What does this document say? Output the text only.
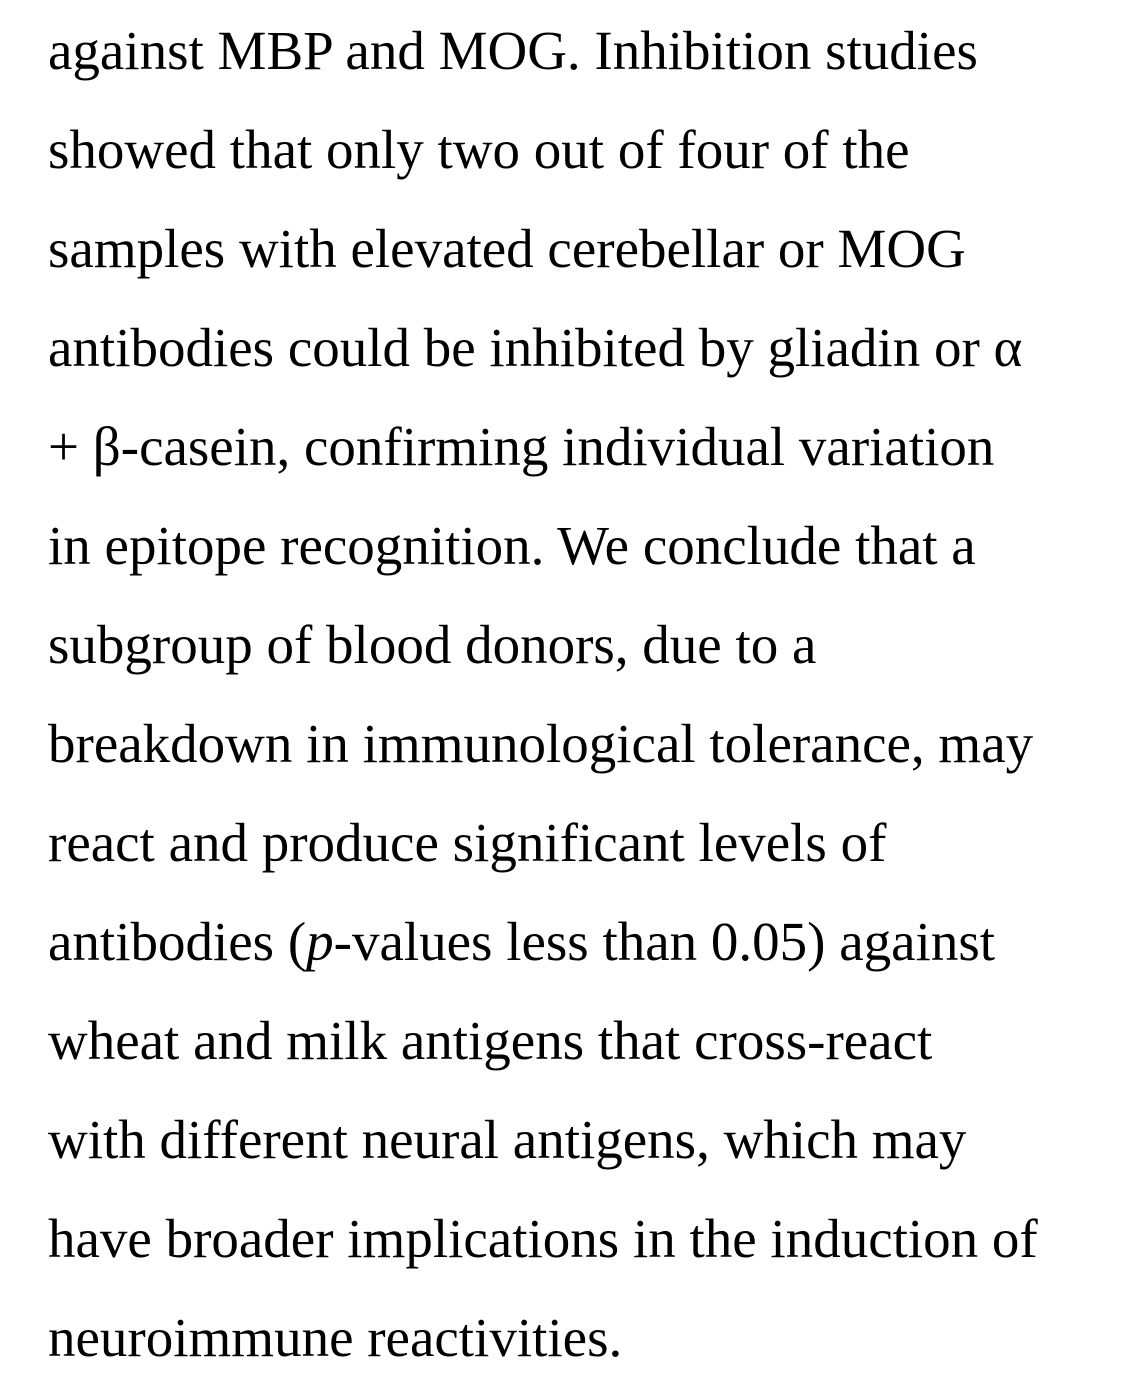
against MBP and MOG. Inhibition studies

showed that only two out of four of the

samples with elevated cerebellar or MOG

antibodies could be inhibited by gliadin or α

+ β-casein, confirming individual variation

in epitope recognition. We conclude that a

subgroup of blood donors, due to a

breakdown in immunological tolerance, may

react and produce significant levels of

antibodies (p-values less than 0.05) against

wheat and milk antigens that cross-react

with different neural antigens, which may

have broader implications in the induction of

neuroimmune reactivities.
